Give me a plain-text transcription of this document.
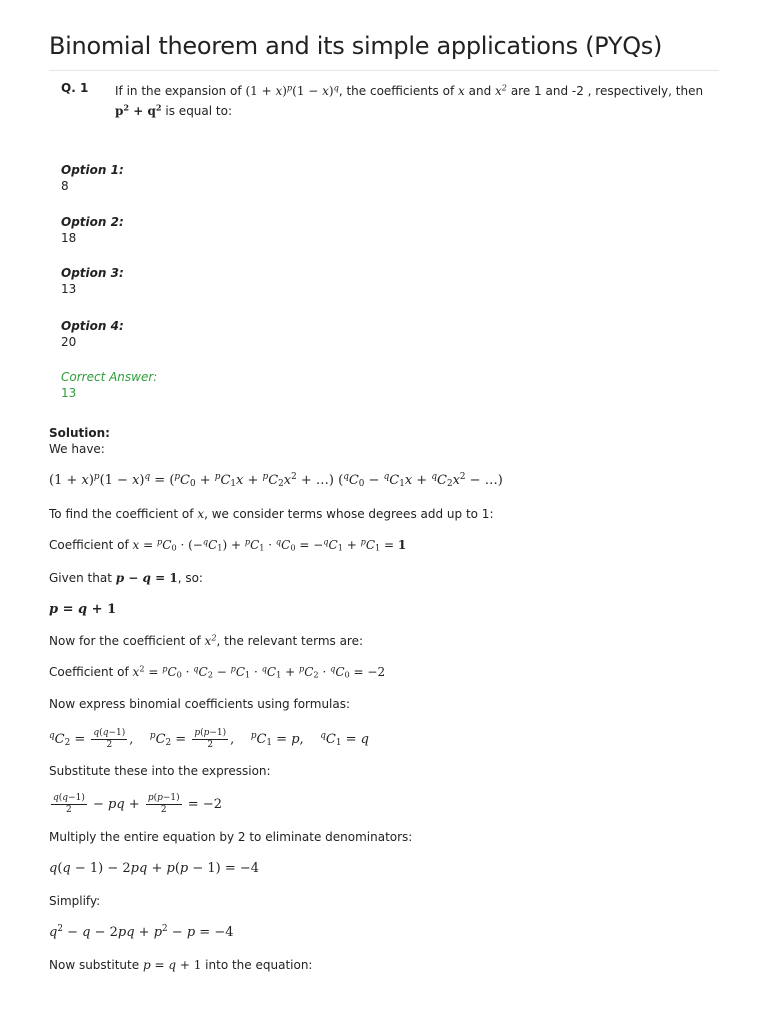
Binomial theorem and its simple applications (PYQs)
Q. 1 If in the expansion of $(1 + x)^p(1 - x)^q$, the coefficients of x and $x^2$ are 1 and -2 , respectively, then
$p^2 + q^2$ is equal to:
Option 1:
8
Option 2:
18
Option 3:
13
Option 4:
20
Correct Answer:
13
Solution:
We have:
$(1 + x)^p(1 - x)^q = (^pC_0 + ^pC_1x + ^pC_2x^2$ + …) ($^qC_0 - ^qC_1x + ^qC_2x^2$ − …)
To find the coefficient of x, we consider terms whose degrees add up to 1:
Coefficient of $x = ^pC_0 \cdot (-^qC_1) + ^pC_1 \cdot ^qC_0 = -^qC_1 + ^pC_1 = 1$
Given that p − q = 1, so:
p = q + 1
Now for the coefficient of $x^2$, the relevant terms are:
Coefficient of $x^2 = ^pC_0 \cdot ^qC_2 - ^pC_1 \cdot ^qC_1 + ^pC_2 \cdot ^qC_0 = -2$
Now express binomial coefficients using formulas:
$^qC_2 = \frac{q(q-1)}{2}$ ,    $^pC_2 = \frac{p(p-1)}{2}$ ,    $^pC_1 = p$,    $^qC_1 = q$
Substitute these into the expression:
$\frac{q(q-1)}{2}$ − pq + $\frac{p(p-1)}{2} = -2$
Multiply the entire equation by 2 to eliminate denominators:
q(q − 1) − 2pq + p(p − 1) = −4
Simplify:
$q^2 - q - 2pq + p^2 - p = -4$
Now substitute p = q + 1 into the equation:
